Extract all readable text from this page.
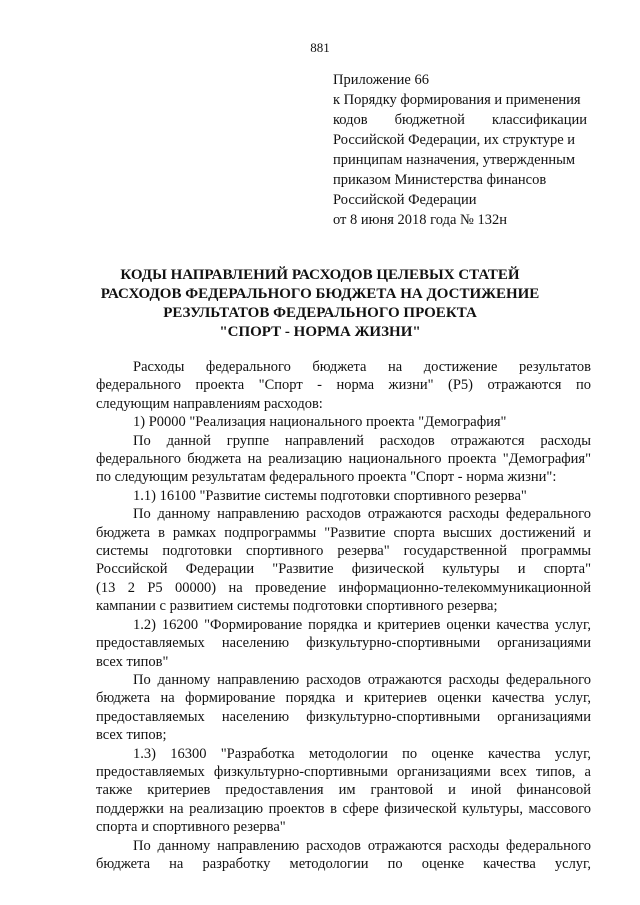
881
Приложение 66
к Порядку формирования и применения
кодов бюджетной классификации
Российской Федерации, их структуре и
принципам назначения, утвержденным
приказом Министерства финансов
Российской Федерации
от 8 июня 2018 года № 132н
КОДЫ НАПРАВЛЕНИЙ РАСХОДОВ ЦЕЛЕВЫХ СТАТЕЙ
РАСХОДОВ ФЕДЕРАЛЬНОГО БЮДЖЕТА НА ДОСТИЖЕНИЕ
РЕЗУЛЬТАТОВ ФЕДЕРАЛЬНОГО ПРОЕКТА
"СПОРТ - НОРМА ЖИЗНИ"
Расходы федерального бюджета на достижение результатов
федерального проекта "Спорт - норма жизни" (Р5) отражаются по
следующим направлениям расходов:
1) Р0000 "Реализация национального проекта "Демография"
По данной группе направлений расходов отражаются расходы
федерального бюджета на реализацию национального проекта "Демография"
по следующим результатам федерального проекта "Спорт - норма жизни":
1.1) 16100 "Развитие системы подготовки спортивного резерва"
По данному направлению расходов отражаются расходы федерального
бюджета в рамках подпрограммы "Развитие спорта высших достижений и
системы подготовки спортивного резерва" государственной программы
Российской Федерации "Развитие физической культуры и спорта"
(13 2 Р5 00000) на проведение информационно-телекоммуникационной
кампании с развитием системы подготовки спортивного резерва;
1.2) 16200 "Формирование порядка и критериев оценки качества услуг,
предоставляемых населению физкультурно-спортивными организациями
всех типов"
По данному направлению расходов отражаются расходы федерального
бюджета на формирование порядка и критериев оценки качества услуг,
предоставляемых населению физкультурно-спортивными организациями
всех типов;
1.3) 16300 "Разработка методологии по оценке качества услуг,
предоставляемых физкультурно-спортивными организациями всех типов, а
также критериев предоставления им грантовой и иной финансовой
поддержки на реализацию проектов в сфере физической культуры, массового
спорта и спортивного резерва"
По данному направлению расходов отражаются расходы федерального
бюджета на разработку методологии по оценке качества услуг,
